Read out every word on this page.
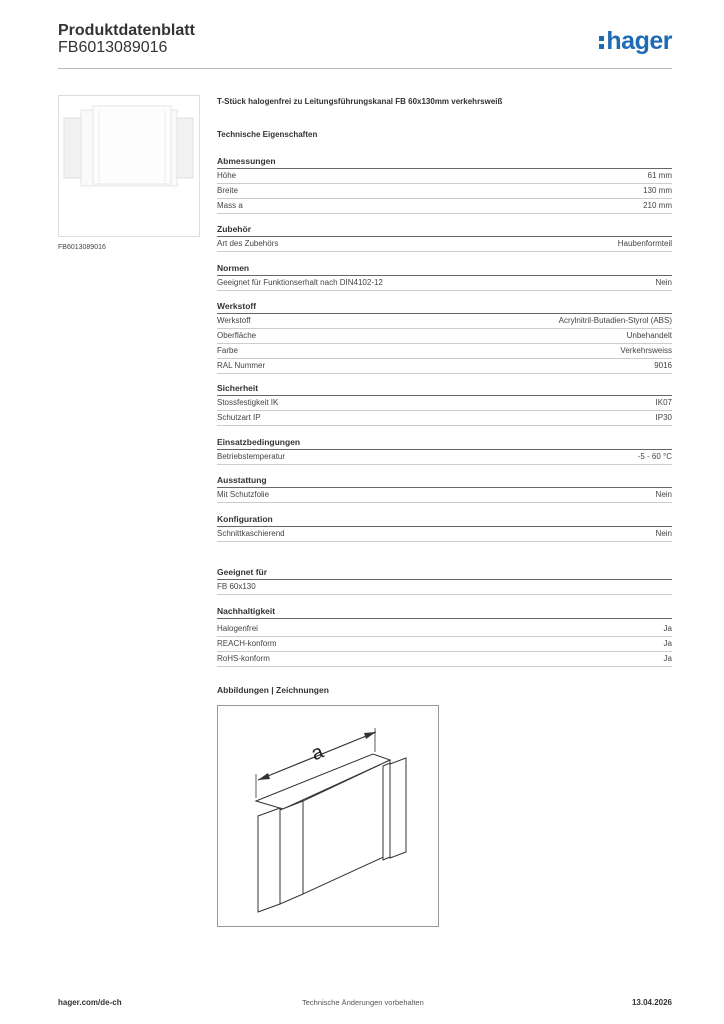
Produktdatenblatt
FB6013089016	hager
FB6013089016
T-Stück halogenfrei zu Leitungsführungskanal FB 60x130mm verkehrsweiß
Technische Eigenschaften
Abmessungen
Höhe	61 mm
Breite	130 mm
Mass a	210 mm
Zubehör
Art des Zubehörs	Haubenformteil
Normen
Geeignet für Funktionserhalt nach DIN4102-12	Nein
Werkstoff
Werkstoff	Acrylnitril-Butadien-Styrol (ABS)
Oberfläche	Unbehandelt
Farbe	Verkehrsweiss
RAL Nummer	9016
Sicherheit
Stossfestigkeit IK	IK07
Schutzart IP	IP30
Einsatzbedingungen
Betriebstemperatur	-5 - 60 °C
Ausstattung
Mit Schutzfolie	Nein
Konfiguration
Schnittkaschierend	Nein
Geeignet für
FB 60x130
Nachhaltigkeit
Halogenfrei	Ja
REACH-konform	Ja
RoHS-konform	Ja
Abbildungen | Zeichnungen
a
hager.com/de-ch	Technische Änderungen vorbehalten	13.04.2026
